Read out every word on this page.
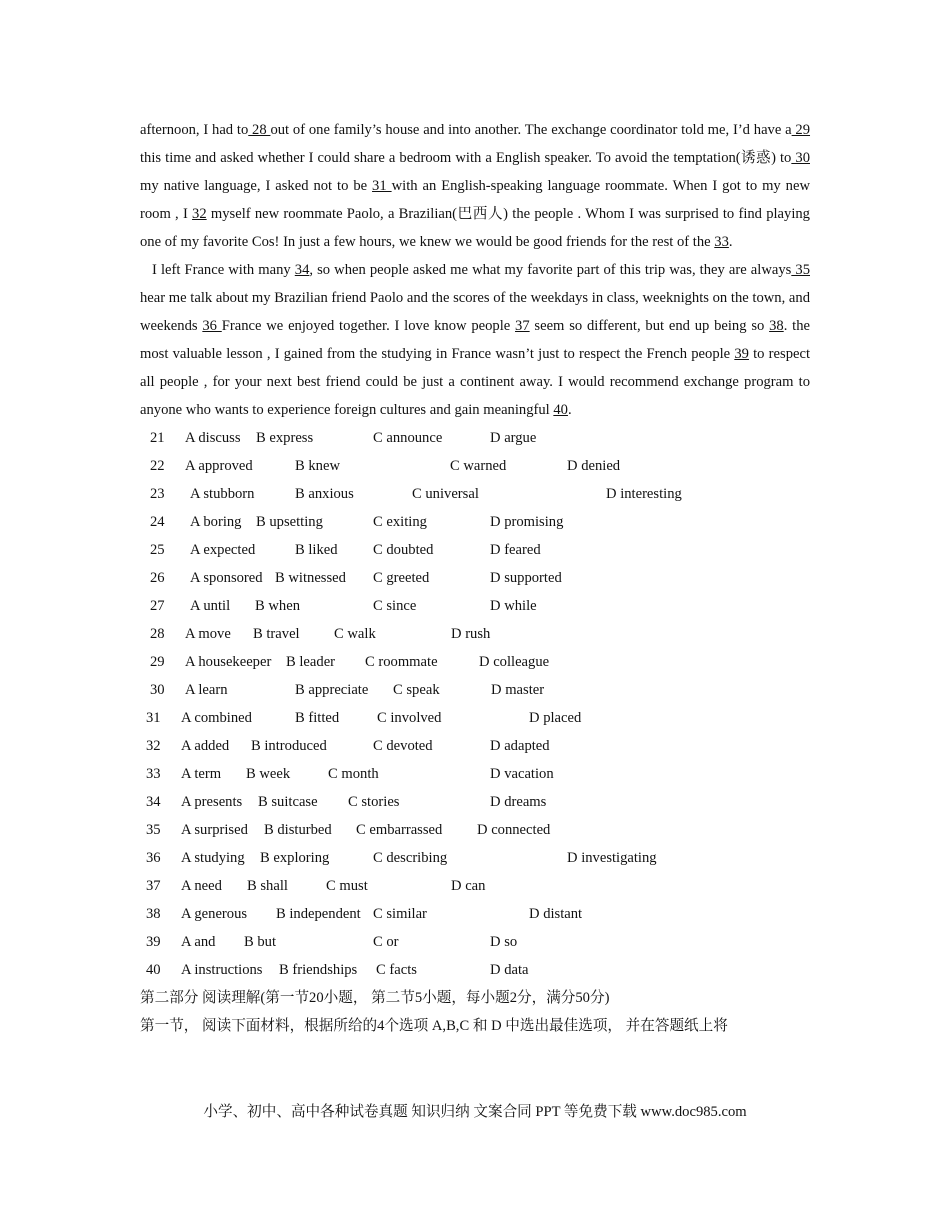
afternoon, I had to 28 out of one family’s house and into another. The exchange coordinator told me, I’d have a 29 this time and asked whether I could share a bedroom with a English speaker. To avoid the temptation(诱惑) to 30 my native language, I asked not to be 31 with an English-speaking language roommate. When I got to my new room , I 32 myself new roommate Paolo, a Brazilian(巴西人) the people . Whom I was surprised to find playing one of my favorite Cos! In just a few hours, we knew we would be good friends for the rest of the 33.

I left France with many 34, so when people asked me what my favorite part of this trip was, they are always 35 hear me talk about my Brazilian friend Paolo and the scores of the weekdays in class, weeknights on the town, and weekends 36 France we enjoyed together. I love know people 37 seem so different, but end up being so 38. the most valuable lesson , I gained from the studying in France wasn’t just to respect the French people 39 to respect all people , for your next best friend could be just a continent away. I would recommend exchange program to anyone who wants to experience foreign cultures and gain meaningful 40.

21 A discuss B express	C announce	D argue
22 A approved	B knew	C warned	D denied
23 A stubborn	B anxious	C universal	D interesting
24 A boring B upsetting	C exiting	D promising
25 A expected	B liked C doubted	D feared
26 A sponsored B witnessed C greeted	D supported
27 A until B when	C since	D while
28 A move B travel C walk	D rush
29 A housekeeper B leader C roommate	D colleague
30 A learn	B appreciate C speak	D master
31 A combined	B fitted	C involved	D placed
32 A added B introduced	C devoted	D adapted
33 A term B week	C month	D vacation
34 A presents B suitcase C stories	D dreams
35 A surprised B disturbed C embarrassed D connected
36 A studying B exploring	C describing	D investigating
37 A need B shall	C must	D can
38 A generous B independent C similar	D distant
39 A and B but	C or	D so
40 A instructions B friendships C facts	D data
第二部分 阅读理解(第一节20小题， 第二节5小题，每小题2分，满分50分)
第一节， 阅读下面材料，根据所给的4个选项 A,B,C 和 D 中选出最佳选项， 并在答题纸上将
小学、初中、高中各种试卷真题 知识归纳 文案合同 PPT 等免费下载 www.doc985.com
